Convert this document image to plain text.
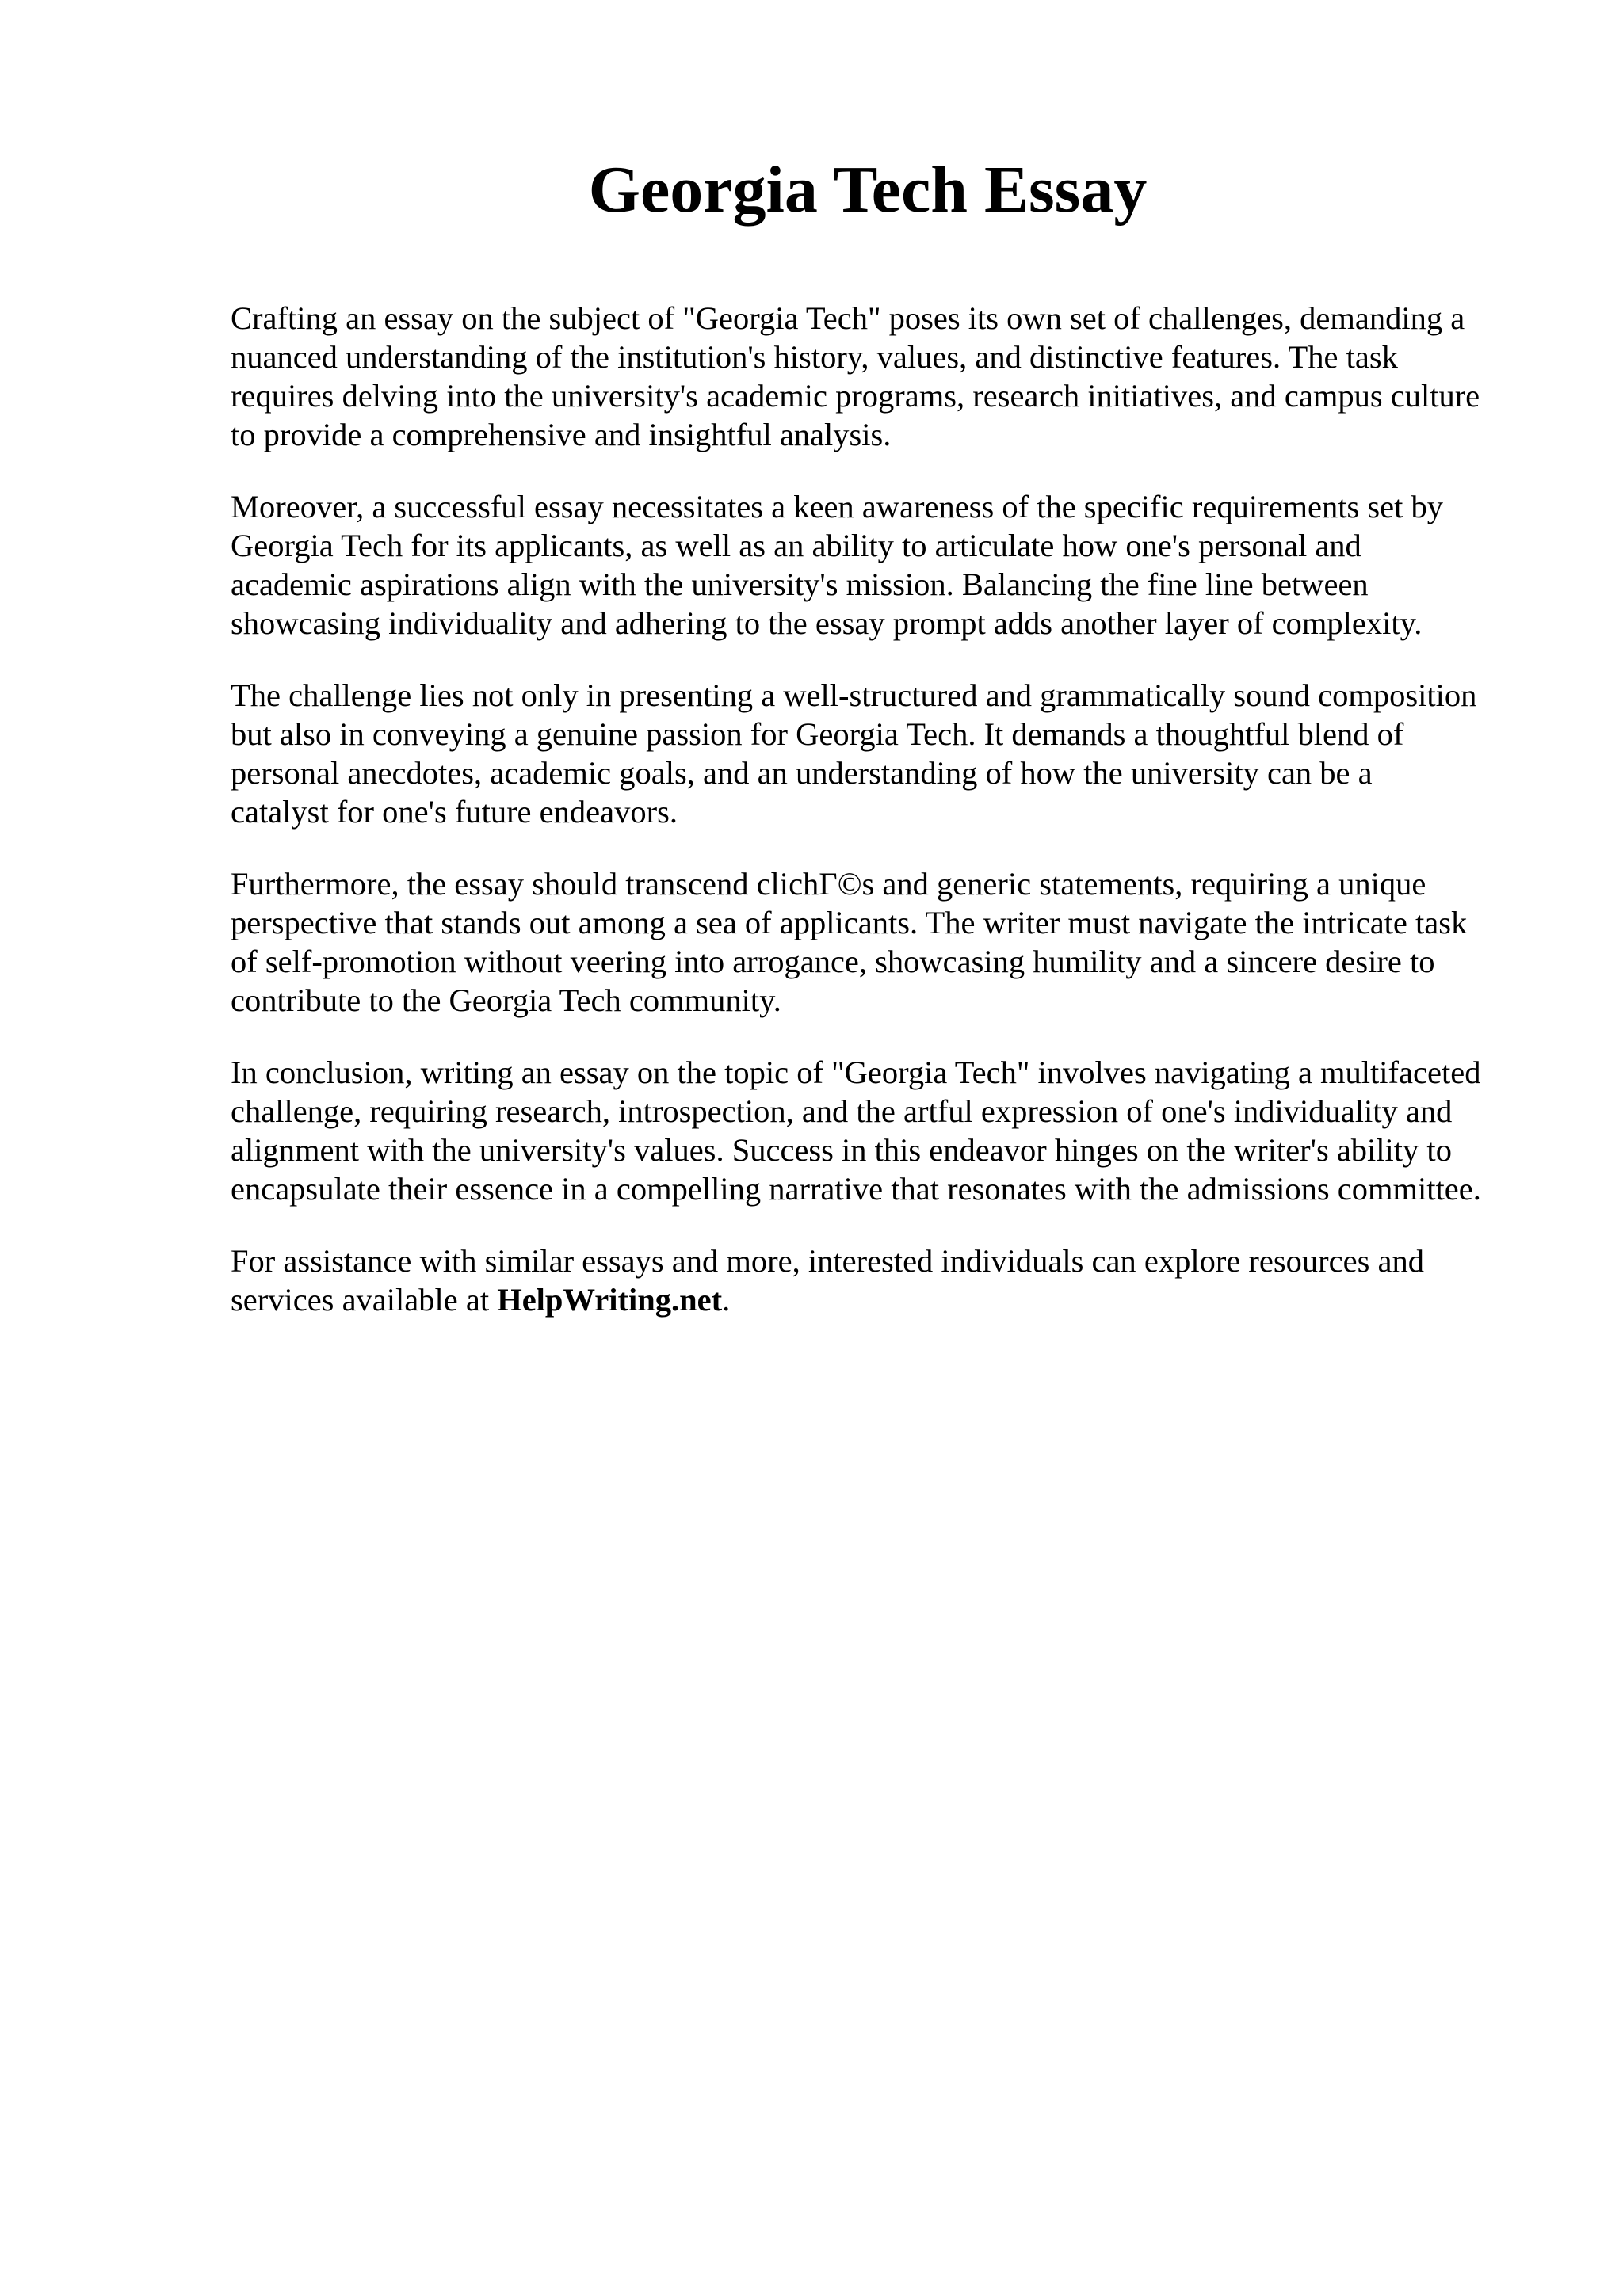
Georgia Tech Essay

Crafting an essay on the subject of "Georgia Tech" poses its own set of challenges, demanding a
nuanced understanding of the institution's history, values, and distinctive features. The task
requires delving into the university's academic programs, research initiatives, and campus culture
to provide a comprehensive and insightful analysis.

Moreover, a successful essay necessitates a keen awareness of the specific requirements set by
Georgia Tech for its applicants, as well as an ability to articulate how one's personal and
academic aspirations align with the university's mission. Balancing the fine line between
showcasing individuality and adhering to the essay prompt adds another layer of complexity.

The challenge lies not only in presenting a well-structured and grammatically sound composition
but also in conveying a genuine passion for Georgia Tech. It demands a thoughtful blend of
personal anecdotes, academic goals, and an understanding of how the university can be a
catalyst for one's future endeavors.

Furthermore, the essay should transcend clichΓ©s and generic statements, requiring a unique
perspective that stands out among a sea of applicants. The writer must navigate the intricate task
of self-promotion without veering into arrogance, showcasing humility and a sincere desire to
contribute to the Georgia Tech community.

In conclusion, writing an essay on the topic of "Georgia Tech" involves navigating a multifaceted
challenge, requiring research, introspection, and the artful expression of one's individuality and
alignment with the university's values. Success in this endeavor hinges on the writer's ability to
encapsulate their essence in a compelling narrative that resonates with the admissions committee.

For assistance with similar essays and more, interested individuals can explore resources and
services available at HelpWriting.net.
